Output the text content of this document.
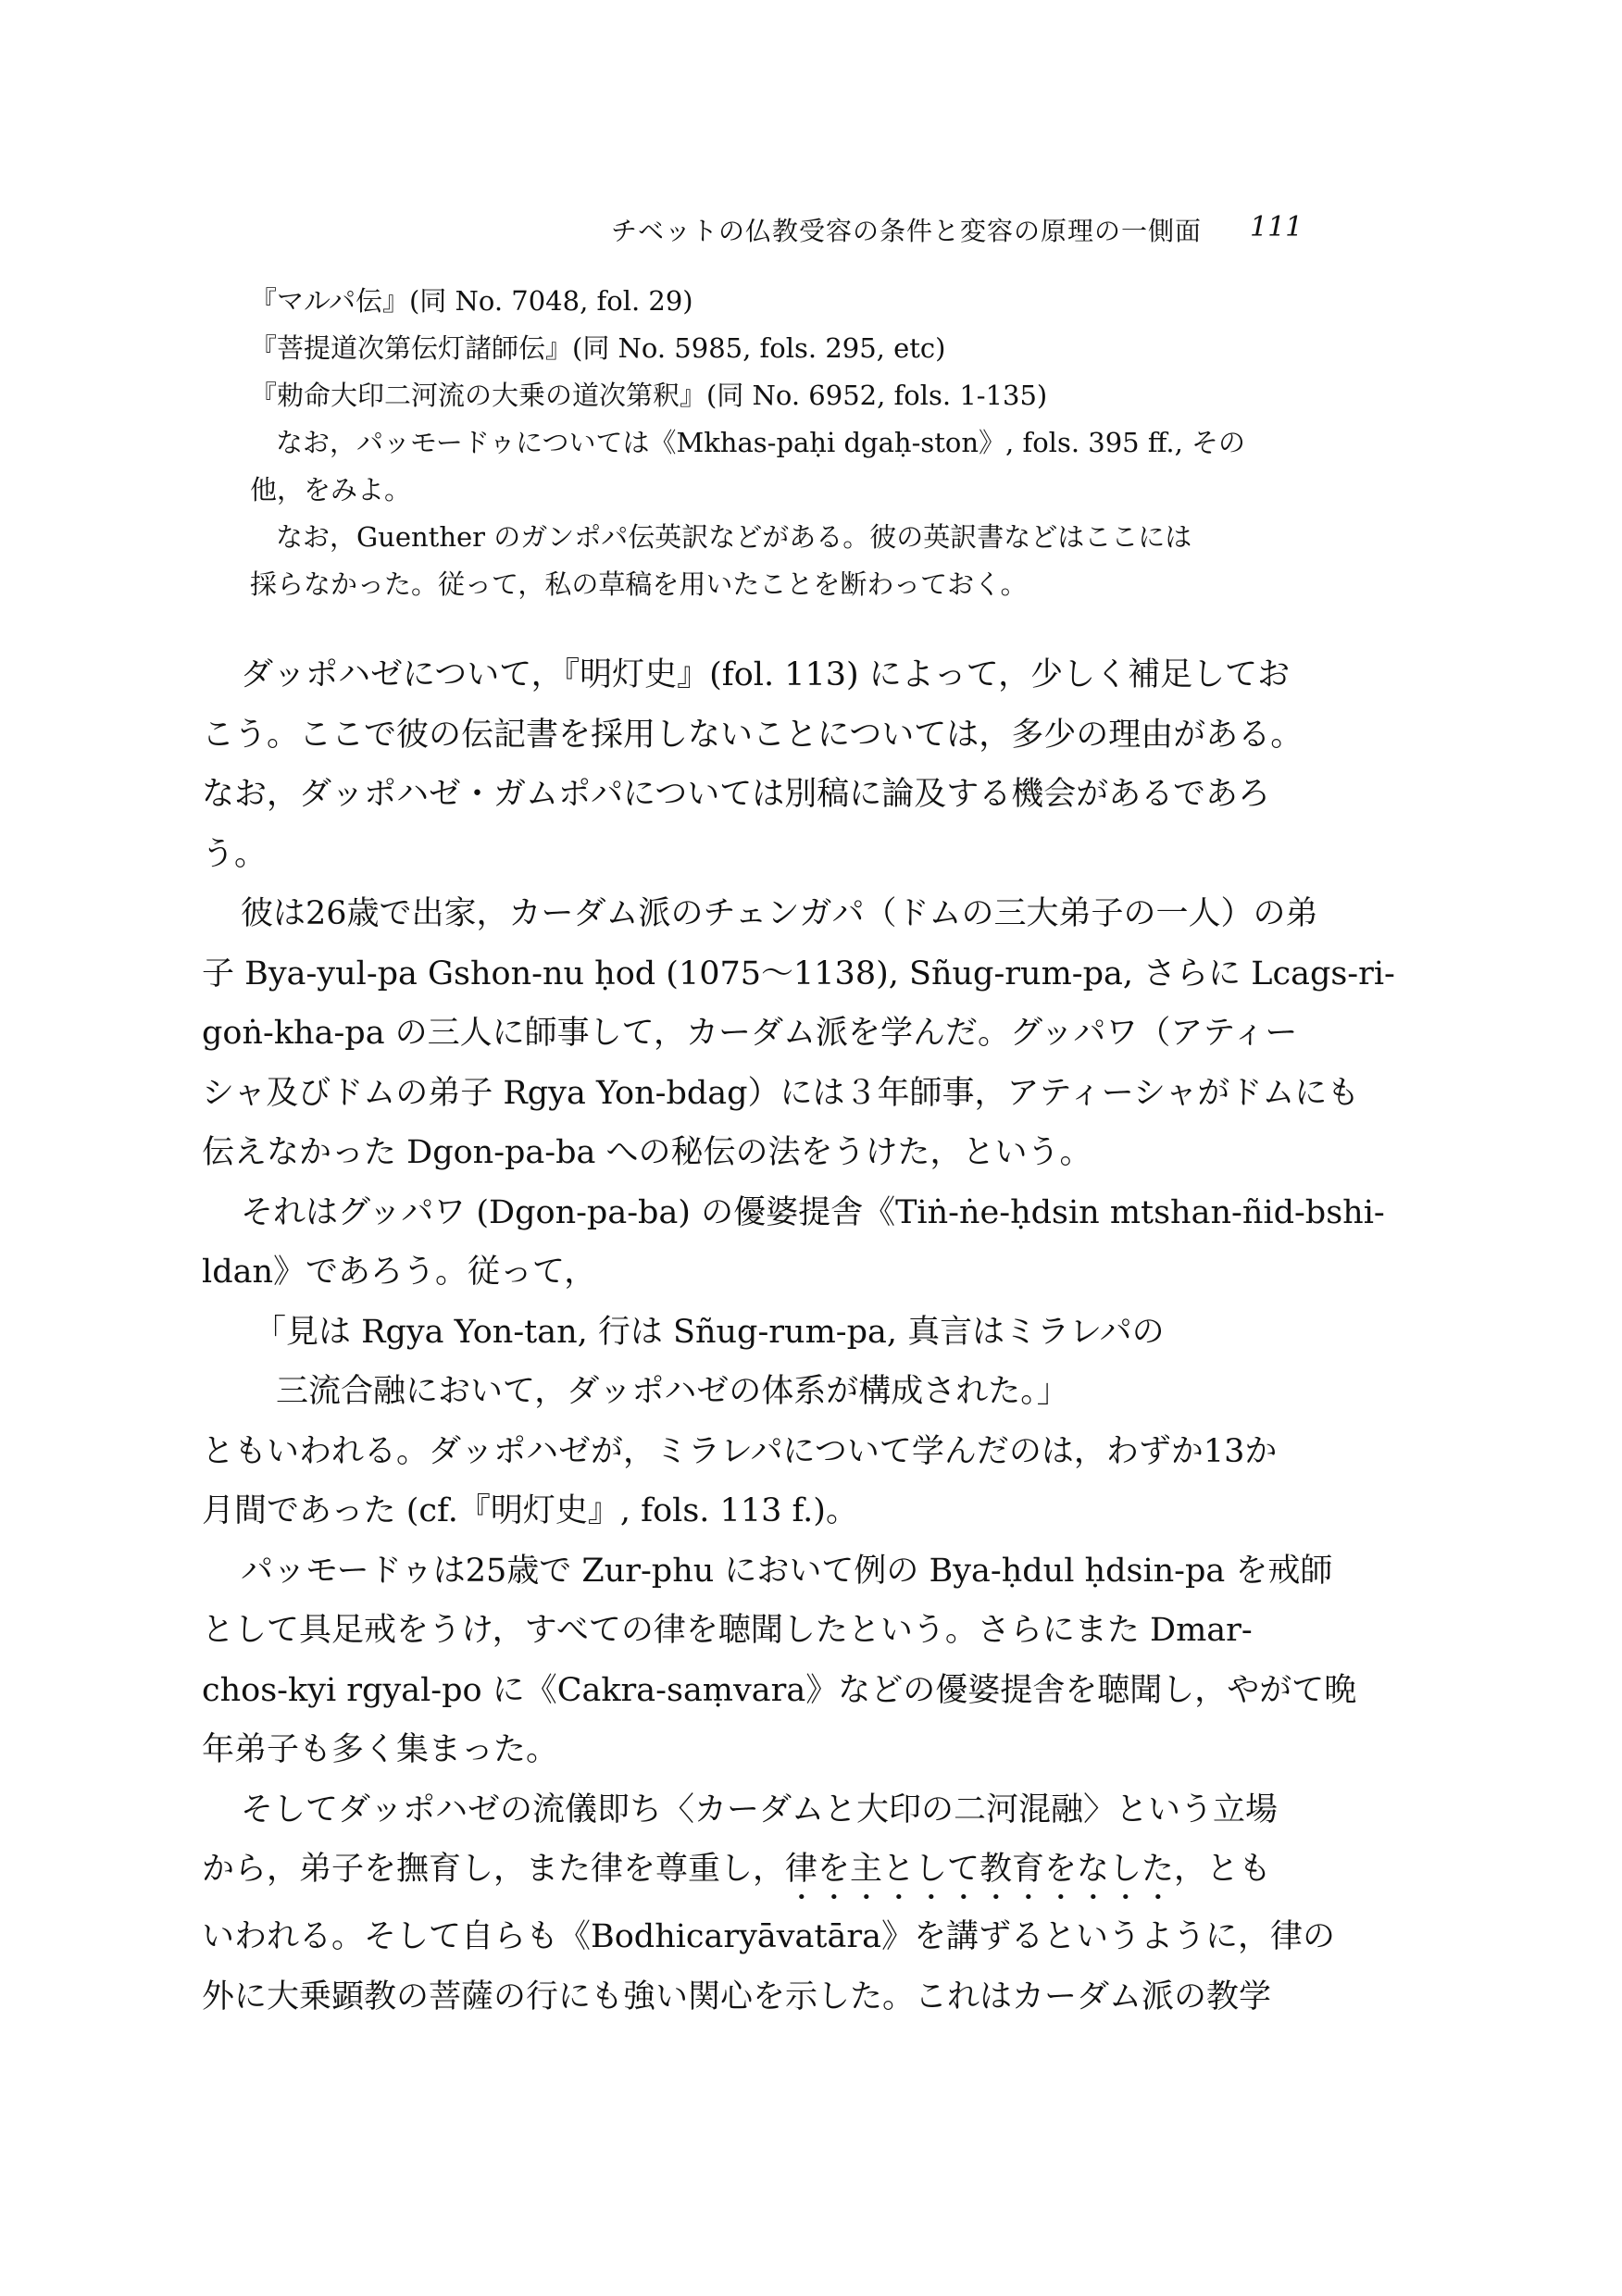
チベットの仏教受容の条件と変容の原理の一側面 111
『マルパ伝』(同 No. 7048, fol. 29)
『菩提道次第伝灯諸師伝』(同 No. 5985, fols. 295, etc)
『勅命大印二河流の大乗の道次第釈』(同 No. 6952, fols. 1-135)
なお，パッモードゥについては《Mkhas-paḥi dgaḥ-ston》, fols. 395 ff., その
他，をみよ。
なお，Guenther のガンポパ伝英訳などがある。彼の英訳書などはここには
採らなかった。従って，私の草稿を用いたことを断わっておく。
ダッポハゼについて，『明灯史』(fol. 113) によって，少しく補足してお
こう。ここで彼の伝記書を採用しないことについては，多少の理由がある。
なお，ダッポハゼ・ガムポパについては別稿に論及する機会があるであろ
う。
彼は26歳で出家，カーダム派のチェンガパ（ドムの三大弟子の一人）の弟
子 Bya-yul-pa Gshon-nu ḥod (1075〜1138), Sñug-rum-pa, さらに Lcags-ri-
goṅ-kha-pa の三人に師事して，カーダム派を学んだ。グッパワ（アティー
シャ及びドムの弟子 Rgya Yon-bdag）には３年師事，アティーシャがドムにも
伝えなかった Dgon-pa-ba への秘伝の法をうけた，という。
それはグッパワ (Dgon-pa-ba) の優婆提舎《Tiṅ-ṅe-ḥdsin mtshan-ñid-bshi-
ldan》であろう。従って，
「見は Rgya Yon-tan, 行は Sñug-rum-pa, 真言はミラレパの
三流合融において，ダッポハゼの体系が構成された。」
ともいわれる。ダッポハゼが，ミラレパについて学んだのは，わずか13か
月間であった (cf.『明灯史』, fols. 113 f.)。
パッモードゥは25歳で Zur-phu において例の Bya-ḥdul ḥdsin-pa を戒師
として具足戒をうけ，すべての律を聴聞したという。さらにまた Dmar-
chos-kyi rgyal-po に《Cakra-saṃvara》などの優婆提舎を聴聞し，やがて晩
年弟子も多く集まった。
そしてダッポハゼの流儀即ち〈カーダムと大印の二河混融〉という立場
から，弟子を撫育し，また律を尊重し，律を主として教育をなした，とも
いわれる。そして自らも《Bodhicaryāvatāra》を講ずるというように，律の
外に大乗顕教の菩薩の行にも強い関心を示した。これはカーダム派の教学
